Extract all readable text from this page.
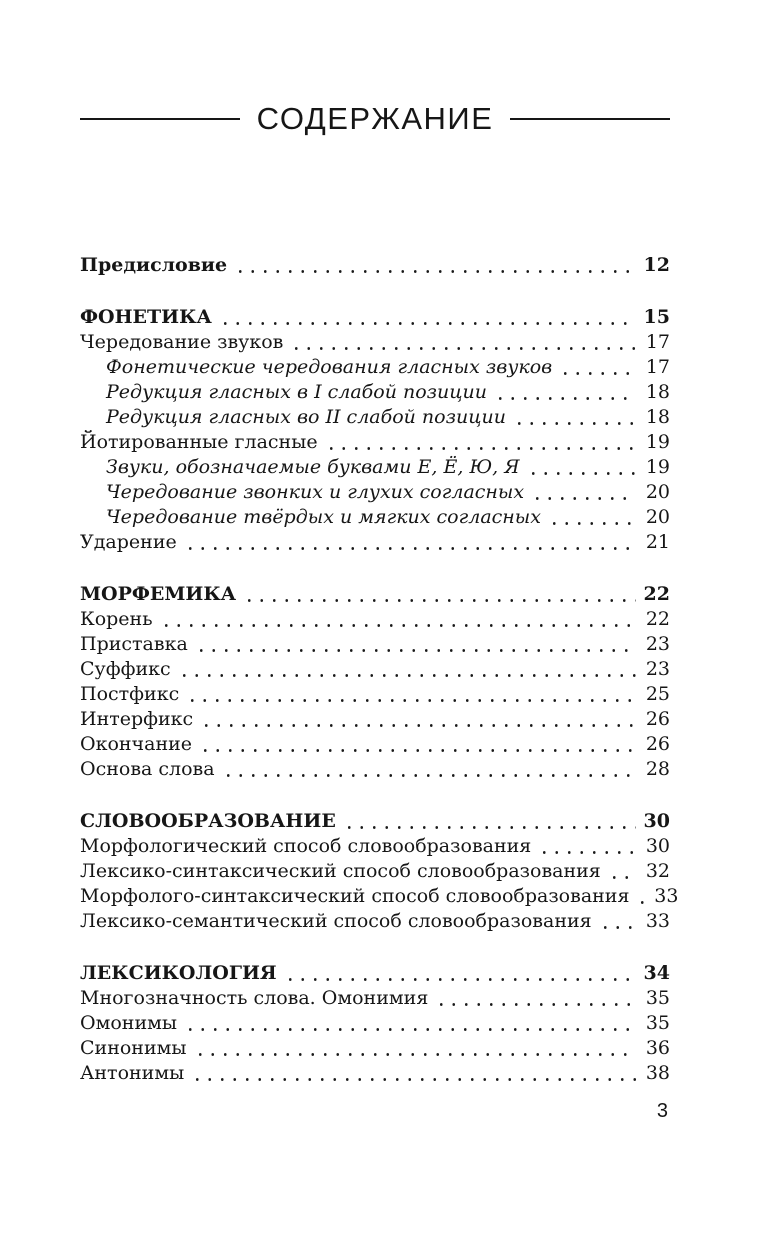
СОДЕРЖАНИЕ
Предисловие	12
ФОНЕТИКА	15
Чередование звуков	17
Фонетические чередования гласных звуков	17
Редукция гласных в I слабой позиции	18
Редукция гласных во II слабой позиции	18
Йотированные гласные	19
Звуки, обозначаемые буквами Е, Ё, Ю, Я	19
Чередование звонких и глухих согласных	20
Чередование твёрдых и мягких согласных	20
Ударение	21
МОРФЕМИКА	22
Корень	22
Приставка	23
Суффикс	23
Постфикс	25
Интерфикс	26
Окончание	26
Основа слова	28
СЛОВООБРАЗОВАНИЕ	30
Морфологический способ словообразования	30
Лексико-синтаксический способ словообразования	32
Морфолого-синтаксический способ словообразования	33
Лексико-семантический способ словообразования	33
ЛЕКСИКОЛОГИЯ	34
Многозначность слова. Омонимия	35
Омонимы	35
Синонимы	36
Антонимы	38
3
